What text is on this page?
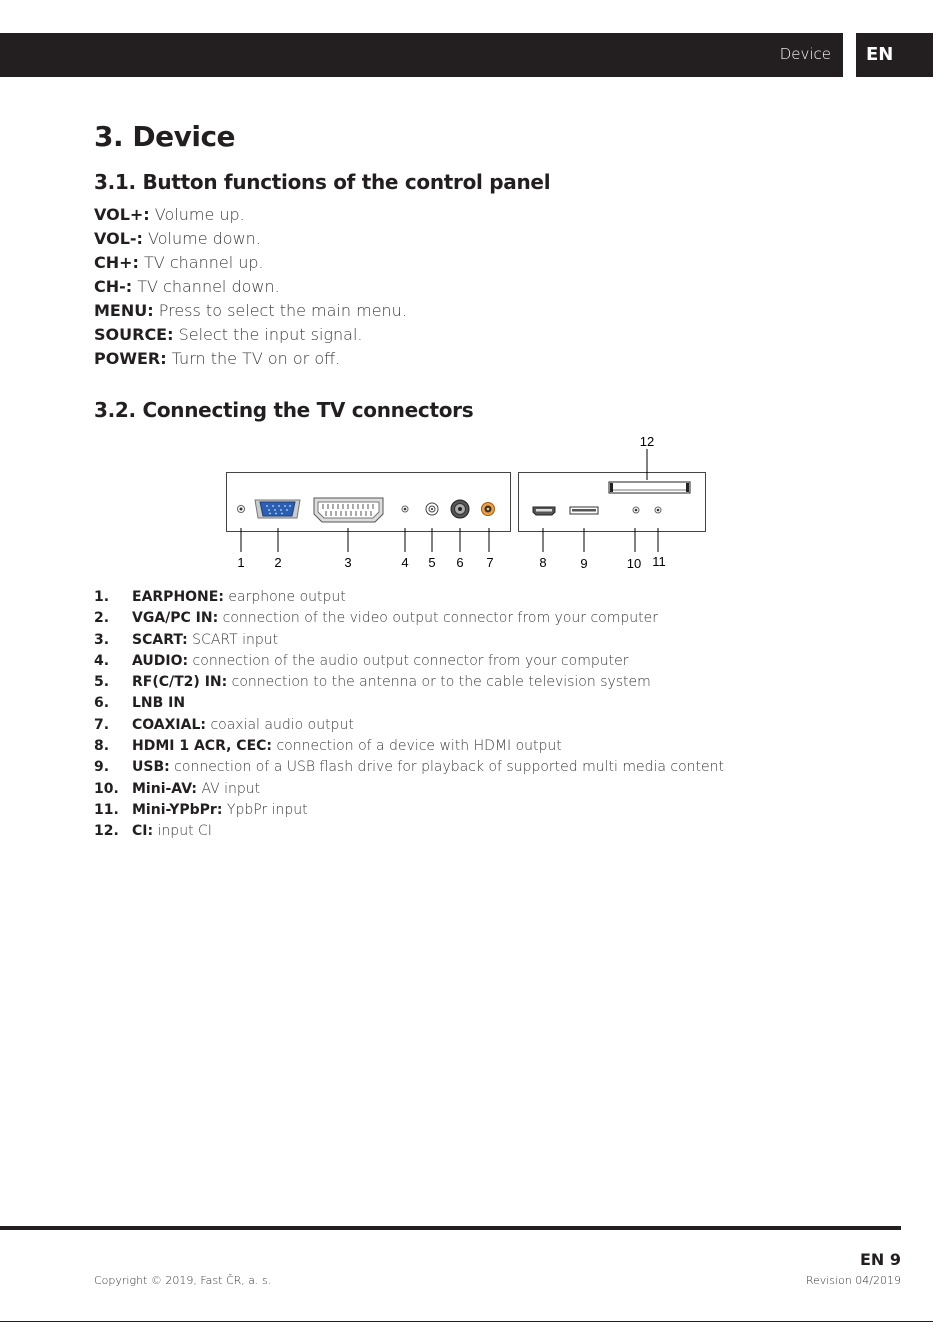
Device	EN
3. Device
3.1. Button functions of the control panel
VOL+: Volume up.
VOL-: Volume down.
CH+: TV channel up.
CH-: TV channel down.
MENU: Press to select the main menu.
SOURCE: Select the input signal.
POWER: Turn the TV on or off.
3.2. Connecting the TV connectors
1 2	3	4 5 6 7	8	9	10 11
12
1. EARPHONE: earphone output
2. VGA/PC IN: connection of the video output connector from your computer
3. SCART: SCART input
4. AUDIO: connection of the audio output connector from your computer
5. RF(C/T2) IN: connection to the antenna or to the cable television system
6. LNB IN
7. COAXIAL: coaxial audio output
8. HDMI 1 ACR, CEC: connection of a device with HDMI output
9. USB: connection of a USB flash drive for playback of supported multi media content
10. Mini-AV: AV input
11. Mini-YPbPr: YpbPr input
12. CI: input CI
EN 9
Copyright © 2019, Fast ČR, a. s.	Revision 04/2019
